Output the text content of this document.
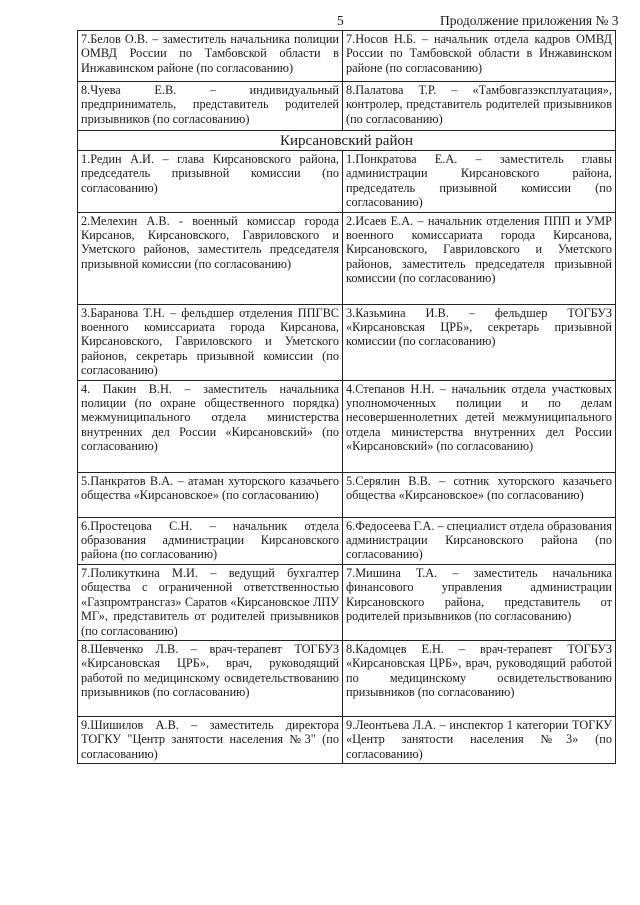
5	Продолжение приложения № 3
7.Белов О.В. – заместитель начальника полиции ОМВД России по Тамбовской области в Инжавинском районе (по согласованию)	7.Носов Н.Б. – начальник отдела кадров ОМВД России по Тамбовской области в Инжавинском районе (по согласованию)
8.Чуева Е.В. – индивидуальный предприниматель, представитель родителей призывников (по согласованию)	8.Палатова Т.Р. – «Тамбовгазэксплуатация», контролер, представитель родителей призывников (по согласованию)
Кирсановский район	
1.Редин А.И. – глава Кирсановского района, председатель призывной комиссии (по согласованию)	1.Понкратова Е.А. – заместитель главы администрации Кирсановского района, председатель призывной комиссии (по согласованию)
2.Мелехин А.В. - военный комиссар города Кирсанов, Кирсановского, Гавриловского и Уметского районов, заместитель председателя призывной комиссии (по согласованию)	2.Исаев Е.А. – начальник отделения ППП и УМР военного комиссариата города Кирсанова, Кирсановского, Гавриловского и Уметского районов, заместитель председателя призывной комиссии (по согласованию)
3.Баранова Т.Н. – фельдшер отделения ППГВС военного комиссариата города Кирсанова, Кирсановского, Гавриловского и Уметского районов, секретарь призывной комиссии (по согласованию)	3.Казьмина И.В. – фельдшер ТОГБУЗ «Кирсановская ЦРБ», секретарь призывной комиссии (по согласованию)
4. Пакин В.Н. – заместитель начальника полиции (по охране общественного порядка) межмуниципального отдела министерства внутренних дел России «Кирсановский» (по согласованию)	4.Степанов Н.Н. – начальник отдела участковых уполномоченных полиции и по делам несовершеннолетних детей межмуниципального отдела министерства внутренних дел России «Кирсановский» (по согласованию)
5.Панкратов В.А. – атаман хуторского казачьего общества «Кирсановское» (по согласованию)	5.Серялин В.В. – сотник хуторского казачьего общества «Кирсановское» (по согласованию)
6.Простецова С.Н. – начальник отдела образования администрации Кирсановского района (по согласованию)	6.Федосеева Г.А. – специалист отдела образования администрации Кирсановского района (по согласованию)
7.Поликуткина М.И. – ведущий бухгалтер общества с ограниченной ответственностью «Газпромтрансгаз» Саратов «Кирсановское ЛПУ МГ», представитель от родителей призывников (по согласованию)	7.Мишина Т.А. – заместитель начальника финансового управления администрации Кирсановского района, представитель от родителей призывников (по согласованию)
8.Шевченко Л.В. – врач-терапевт ТОГБУЗ «Кирсановская ЦРБ», врач, руководящий работой по медицинскому освидетельствованию призывников (по согласованию)	8.Кадомцев Е.Н. – врач-терапевт ТОГБУЗ «Кирсановская ЦРБ», врач, руководящий работой по медицинскому освидетельствованию призывников (по согласованию)
9.Шишилов А.В. – заместитель директора ТОГКУ "Центр занятости населения №3" (по согласованию)	9.Леонтьева Л.А. – инспектор 1 категории ТОГКУ «Центр занятости населения №3» (по согласованию)
